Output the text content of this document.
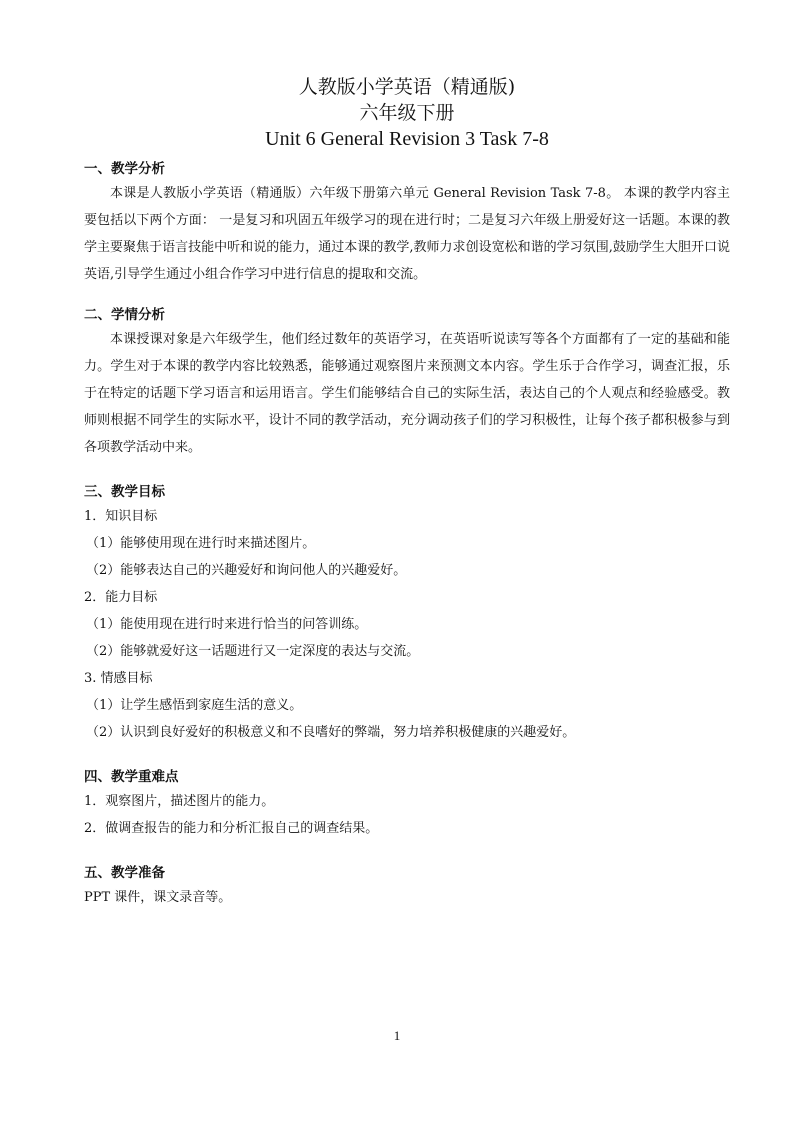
人教版小学英语（精通版)

六年级下册

Unit 6 General Revision 3 Task 7-8

一、教学分析

本课是人教版小学英语（精通版）六年级下册第六单元 General Revision Task 7-8。 本课的教学内容主要包括以下两个方面： 一是复习和巩固五年级学习的现在进行时；二是复习六年级上册爱好这一话题。本课的教学主要聚焦于语言技能中听和说的能力，通过本课的教学,教师力求创设宽松和谐的学习氛围,鼓励学生大胆开口说英语,引导学生通过小组合作学习中进行信息的提取和交流。

二、学情分析

本课授课对象是六年级学生，他们经过数年的英语学习，在英语听说读写等各个方面都有了一定的基础和能力。学生对于本课的教学内容比较熟悉，能够通过观察图片来预测文本内容。学生乐于合作学习，调查汇报，乐于在特定的话题下学习语言和运用语言。学生们能够结合自己的实际生活，表达自己的个人观点和经验感受。教师则根据不同学生的实际水平，设计不同的教学活动，充分调动孩子们的学习积极性，让每个孩子都积极参与到各项教学活动中来。

三、教学目标

1．知识目标

（1）能够使用现在进行时来描述图片。

（2）能够表达自己的兴趣爱好和询问他人的兴趣爱好。

2．能力目标

（1）能使用现在进行时来进行恰当的问答训练。

（2）能够就爱好这一话题进行又一定深度的表达与交流。

3. 情感目标

（1）让学生感悟到家庭生活的意义。

（2）认识到良好爱好的积极意义和不良嗜好的弊端，努力培养积极健康的兴趣爱好。

四、教学重难点

1．观察图片，描述图片的能力。

2．做调查报告的能力和分析汇报自己的调查结果。

五、教学准备

PPT 课件，课文录音等。

1
